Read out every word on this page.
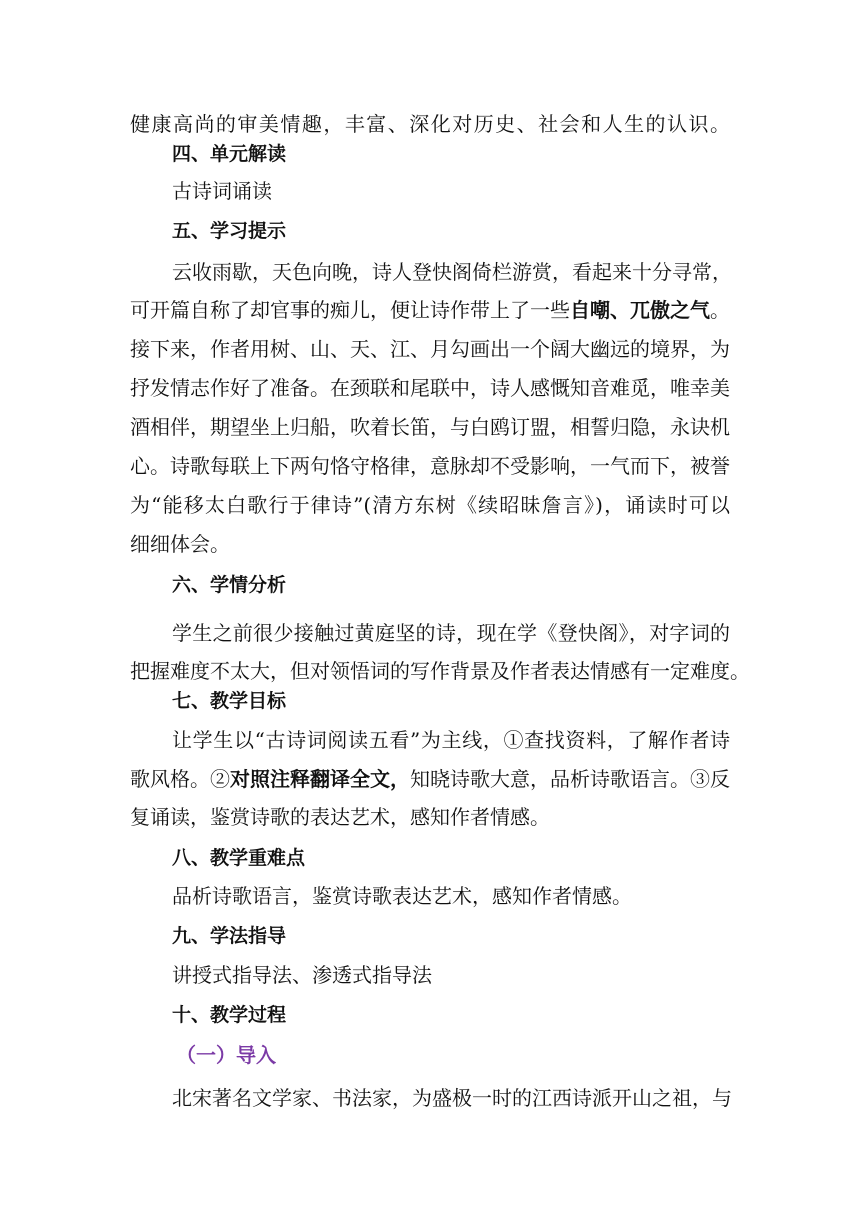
健康高尚的审美情趣，丰富、深化对历史、社会和人生的认识。
四、单元解读
古诗词诵读
五、学习提示
云收雨歇，天色向晚，诗人登快阁倚栏游赏，看起来十分寻常，
可开篇自称了却官事的痴儿，便让诗作带上了一些自嘲、兀傲之气。
接下来，作者用树、山、天、江、月勾画出一个阔大幽远的境界，为
抒发情志作好了准备。在颈联和尾联中，诗人感慨知音难觅，唯幸美
酒相伴，期望坐上归船，吹着长笛，与白鸥订盟，相誓归隐，永诀机
心。诗歌每联上下两句恪守格律，意脉却不受影响，一气而下，被誉
为“能移太白歌行于律诗”(清方东树《续昭昧詹言》)，诵读时可以
细细体会。
六、学情分析
学生之前很少接触过黄庭坚的诗，现在学《登快阁》，对字词的
把握难度不太大，但对领悟词的写作背景及作者表达情感有一定难度。
七、教学目标
让学生以“古诗词阅读五看”为主线，①查找资料，了解作者诗
歌风格。②对照注释翻译全文，知晓诗歌大意，品析诗歌语言。③反
复诵读，鉴赏诗歌的表达艺术，感知作者情感。
八、教学重难点
品析诗歌语言，鉴赏诗歌表达艺术，感知作者情感。
九、学法指导
讲授式指导法、渗透式指导法
十、教学过程
（一）导入
北宋著名文学家、书法家，为盛极一时的江西诗派开山之祖，与
